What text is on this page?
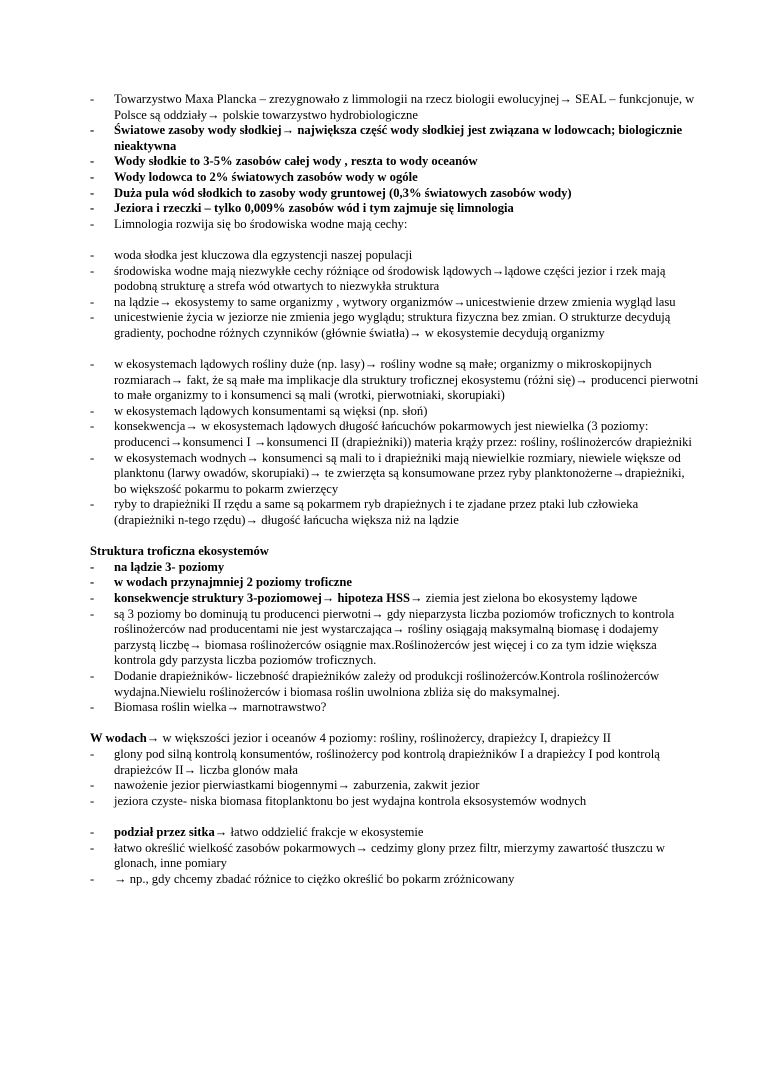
- Towarzystwo Maxa Plancka – zrezygnowało z limmologii na rzecz biologii ewolucyjnej→ SEAL – funkcjonuje, w Polsce są oddziały→ polskie towarzystwo hydrobiologiczne
- Światowe zasoby wody słodkiej→ największa część wody słodkiej jest związana w lodowcach; biologicznie nieaktywna
- Wody słodkie to 3-5% zasobów całej wody , reszta to wody oceanów
- Wody lodowca to 2% światowych zasobów wody w ogóle
- Duża pula wód słodkich to zasoby wody gruntowej (0,3% światowych zasobów wody)
- Jeziora i rzeczki – tylko 0,009% zasobów wód i tym zajmuje się limnologia
- Limnologia rozwija się bo środowiska wodne mają cechy:
- woda słodka jest kluczowa dla egzystencji naszej populacji
- środowiska wodne mają niezwykłe cechy różniące od środowisk lądowych→lądowe części jezior i rzek mają podobną strukturę a strefa wód otwartych to niezwykła struktura
- na lądzie→ ekosystemy to same organizmy , wytwory organizmów→unicestwienie drzew zmienia wygląd lasu
- unicestwienie życia w jeziorze nie zmienia jego wyglądu; struktura fizyczna bez zmian. O strukturze decydują gradienty, pochodne różnych czynników (głównie światła)→ w ekosystemie decydują organizmy
- w ekosystemach lądowych rośliny duże (np. lasy)→ rośliny wodne są małe; organizmy o mikroskopijnych rozmiarach→ fakt, że są małe ma implikacje dla struktury troficznej ekosystemu (różni się)→ producenci pierwotni to małe organizmy to i konsumenci są mali (wrotki, pierwotniaki, skorupiaki)
- w ekosystemach lądowych konsumentami są więksi (np. słoń)
- konsekwencja→ w ekosystemach lądowych długość łańcuchów pokarmowych jest niewielka (3 poziomy: producenci→konsumenci I →konsumenci II (drapieżniki)) materia krąży przez: rośliny, roślinożerców drapieżniki
- w ekosystemach wodnych→ konsumenci są mali to i drapieżniki mają niewielkie rozmiary, niewiele większe od planktonu (larwy owadów, skorupiaki)→ te zwierzęta są konsumowane przez ryby planktonożerne→drapieżniki, bo większość pokarmu to pokarm zwierzęcy
- ryby to drapieżniki II rzędu a same są pokarmem ryb drapieżnych i te zjadane przez ptaki lub człowieka (drapieżniki n-tego rzędu)→ długość łańcucha większa niż na lądzie

Struktura troficzna ekosystemów

- na lądzie 3- poziomy
- w wodach przynajmniej 2 poziomy troficzne
- konsekwencje struktury 3-poziomowej→ hipoteza HSS→ ziemia jest zielona bo ekosystemy lądowe
- są 3 poziomy bo dominują tu producenci pierwotni→ gdy nieparzysta liczba poziomów troficznych to kontrola roślinożerców nad producentami nie jest wystarczająca→ rośliny osiągają maksymalną biomasę i dodajemy parzystą liczbę→ biomasa roślinożerców osiągnie max.Roślinożerców jest więcej i co za tym idzie większa kontrola gdy parzysta liczba poziomów troficznych.
- Dodanie drapieżników- liczebność drapieżników zależy od produkcji roślinożerców.Kontrola roślinożerców wydajna.Niewielu roślinożerców i biomasa roślin uwolniona zbliża się do maksymalnej.
- Biomasa roślin wielka→ marnotrawstwo?

W wodach→ w większości jezior i oceanów 4 poziomy: rośliny, roślinożercy, drapieżcy I, drapieżcy II

- glony pod silną kontrolą konsumentów, roślinożercy pod kontrolą drapieżników I a drapieżcy I pod kontrolą drapieżców II→ liczba glonów mała
- nawożenie jezior pierwiastkami biogennymi→ zaburzenia, zakwit jezior
- jeziora czyste- niska biomasa fitoplanktonu bo jest wydajna kontrola eksosystemów wodnych
- podział przez sitka→ łatwo oddzielić frakcje w ekosystemie
- łatwo określić wielkość zasobów pokarmowych→ cedzimy glony przez filtr, mierzymy zawartość tłuszczu w glonach, inne pomiary
- → np., gdy chcemy zbadać różnice to ciężko określić bo pokarm zróżnicowany
